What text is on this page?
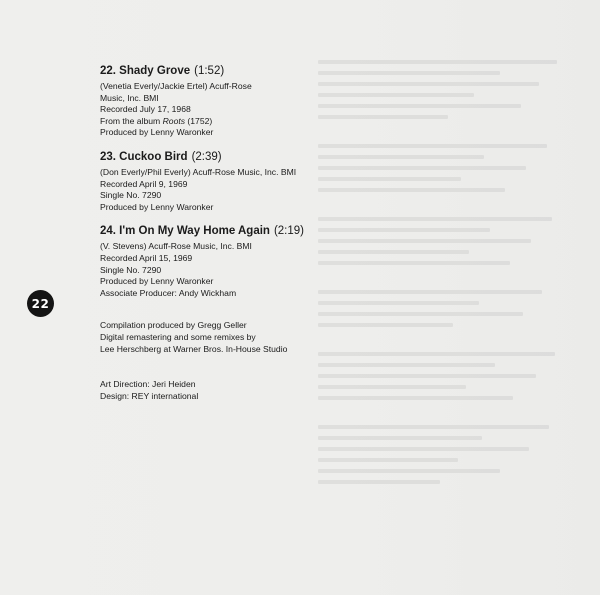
22. Shady Grove (1:52)
(Venetia Everly/Jackie Ertel) Acuff-Rose
Music, Inc. BMI
Recorded July 17, 1968
From the album Roots (1752)
Produced by Lenny Waronker
23. Cuckoo Bird (2:39)
(Don Everly/Phil Everly) Acuff-Rose Music, Inc. BMI
Recorded April 9, 1969
Single No. 7290
Produced by Lenny Waronker
24. I'm On My Way Home Again (2:19)
(V. Stevens) Acuff-Rose Music, Inc. BMI
Recorded April 15, 1969
Single No. 7290
Produced by Lenny Waronker
Associate Producer: Andy Wickham
Compilation produced by Gregg Geller
Digital remastering and some remixes by
Lee Herschberg at Warner Bros. In-House Studio
Art Direction: Jeri Heiden
Design: REY international
22
